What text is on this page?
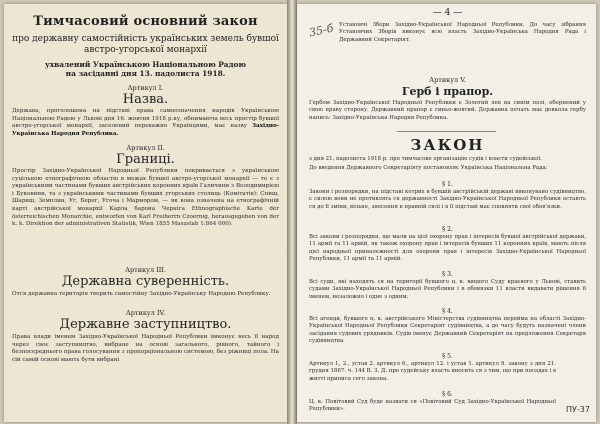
Тимчасовий основний закон
про державну самостійність українських земель бувшої австро-угорської монархії
ухвалений Українською Національною Радою на засіданні дня 13. падолиста 1918.
Артикул І.
Назва.
Держава, проголошена на підставі права самоозначення народів Українською Національною Радою у Львові дня 16. жовтня 1918 р.ку, обнимаюча весь простір бувшої австро-угорської монархії, заселений переважно Українцями, має назву Західно-Українська Народня Република.
Артикул ІІ.
Границі.
Простір Західно-Української Народньої Републики покривається з українською суцільною етнографічною областю в межах бувшої австро-угорської монархії — то є з українськими частинами бувших австрійських коронних країв Галичини з Володимирією і Буковини, та з українськими частинами бувших угорських столиць (Комітатів): Спиш, Шариш, Земплин, Уг, Берег, Угоча і Мармором, — як вона означена на етнографічній карті австрійської монархії Карла барона Черніґа Ethnographische Karte der österreichischen Monarchie, entworfen von Karl Freiherrn Czoernig, herausgegeben von der k. k. Direktion der administrativen Statistik, Wien 1855 Maszstab 1:864 000).
Артикул ІІІ.
Державна суверенність.
Отся державна територія творить самостійну Західно-Українську Народню Републику.
Артикул IV.
Державне заступництво.
Права влади іменем Західно-Української Народньої Републики виконує весь її народ через своє заступництво, вибране на основі загального, рівного, тайного і безпосереднього права голосування з пропорціональною системою, без ріжниці пола. На сій самій основі мають бути вибрані
35-б
— 4 —
Установчі Збори Західно-Української Народньої Републики. До часу зібрання Установчих Зборів виконує всю власть Західно-Українська Народня Рада і Державний Секретаріят.
Артикул V.
Герб і прапор.
Гербом Західно-Української Народньої Републики є Золотий лев на синім полі, обернений у свою праву сторону. Державний прапор є синьо-жовтий. Державна печать має довкола гербу напись: Західно-Українська Народня Република.
ЗАКОН
з дня 21. падолиста 1918 р. про тимчасове організацію судів і власти судейської.
До введення Державного Секретаріяту постановляє Українська Національна Рада:
§ 1.
Закони і розпорядки, на підставі котрих в бувшій австрійській державі виконувано судівництво, є силою вони не противлять ся державності Західно-Української Народньої Републики остають ся до її зміни, вільне, знесення в правній силі і в її підставі має сповняти свої обов'язки.
§ 2.
Всі закони і розпорядки, що мали на цілі охорону прав і інтересів бувшої австрійської держави, 11 армії та 11 армій, як також охорону прав і інтересів бувших 11 коронних країв, мають після цієї народньої приналежності для охорони прав і інтересів Західно-Української Народньої Републики, 11 армії та 11 армій.
§ 3.
Всі суди, які находять ся на території бувшого ц. к. вищого Суду краєвого у Львові, ставить судами Західно-Української Народньої Републики і в обовязки 11 власти видавати рішення її іменем, незалежно і одне з одним.
§ 4.
Всі агенди, бувшого ц. к. австрійського Міністерства судівництва перейма на області Західно-Української Народньої Републики Секретаріят судівництва, а до часу будуть назначені члени засідання судових урядників. Судів іменує Державний Секретаріят на предложення Секретаря судівництва.
§ 5.
Артикул І., 2., устав 2. артикул 6., артикул 12. і устав 1. артикул 9. закону з дня 21. грудня 1867. ч. 144 В. З. Д. про судейську власть вносить ся з тим, що при посадах і в житті приписа сего закона.
§ 6.
Ц. к. Повітовий Суд буде назвати ся «Повітовий Суд Західно-Української Народньої Републики».	ПУ-37
